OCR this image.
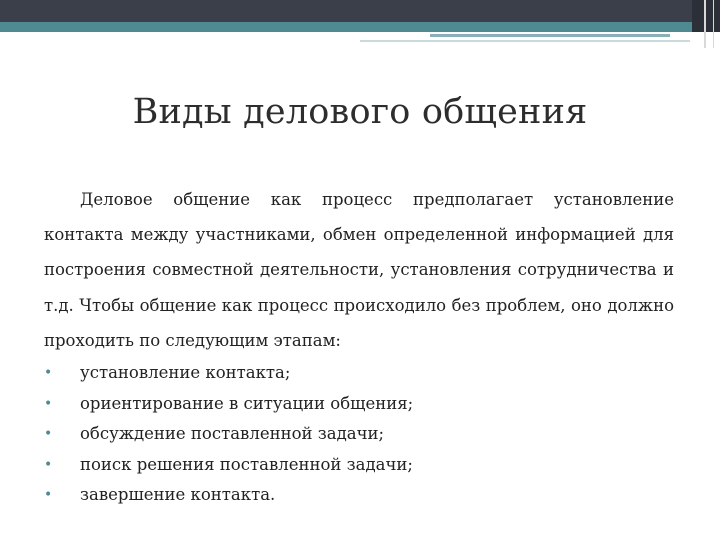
Виды делового общения
Деловое общение как процесс предполагает установление контакта между участниками, обмен определенной информацией для построения совместной деятельности, установления сотрудничества и т.д. Чтобы общение как процесс происходило без проблем, оно должно проходить по следующим этапам:
• установление контакта;
• ориентирование в ситуации общения;
• обсуждение поставленной задачи;
• поиск решения поставленной задачи;
• завершение контакта.
